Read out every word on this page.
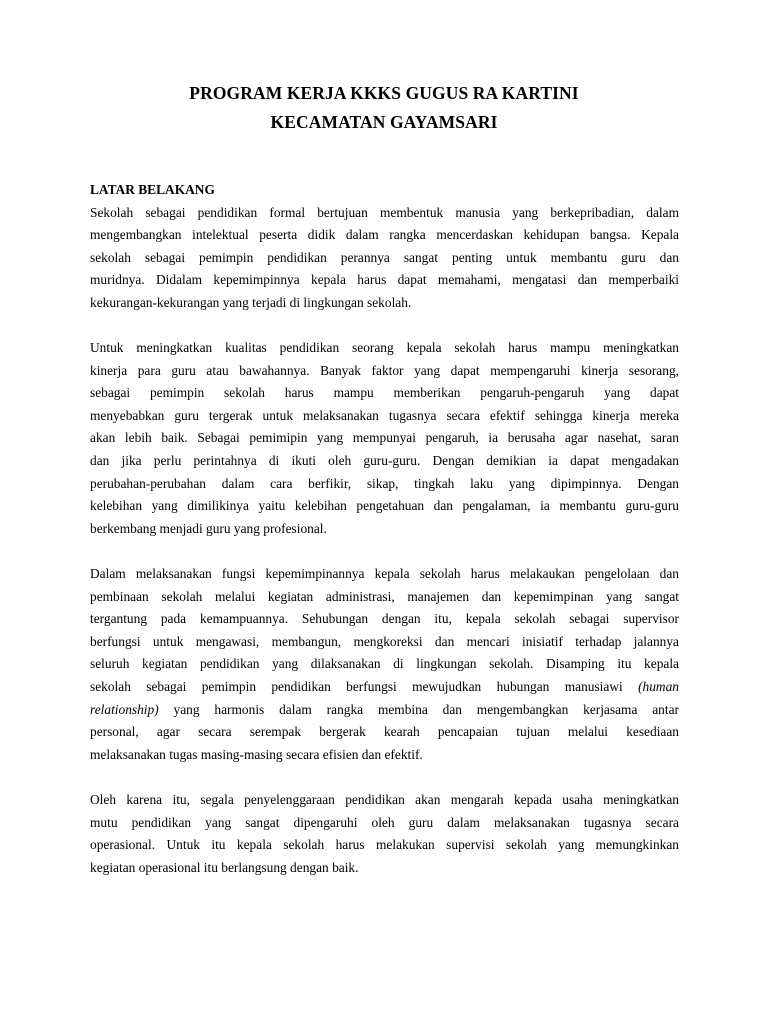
PROGRAM KERJA KKKS GUGUS RA KARTINI
KECAMATAN GAYAMSARI
LATAR BELAKANG
Sekolah sebagai pendidikan formal bertujuan membentuk manusia yang berkepribadian, dalam
mengembangkan intelektual peserta didik dalam rangka mencerdaskan kehidupan bangsa. Kepala
sekolah sebagai pemimpin pendidikan perannya sangat penting untuk membantu guru dan
muridnya. Didalam kepemimpinnya kepala harus dapat memahami, mengatasi dan memperbaiki
kekurangan-kekurangan yang terjadi di lingkungan sekolah.
Untuk meningkatkan kualitas pendidikan seorang kepala sekolah harus mampu meningkatkan
kinerja para guru atau bawahannya. Banyak faktor yang dapat mempengaruhi kinerja sesorang,
sebagai pemimpin sekolah harus mampu memberikan pengaruh-pengaruh yang dapat
menyebabkan guru tergerak untuk melaksanakan tugasnya secara efektif sehingga kinerja mereka
akan lebih baik. Sebagai pemimipin yang mempunyai pengaruh, ia berusaha agar nasehat, saran
dan jika perlu perintahnya di ikuti oleh guru-guru. Dengan demikian ia dapat mengadakan
perubahan-perubahan dalam cara berfikir, sikap, tingkah laku yang dipimpinnya. Dengan
kelebihan yang dimilikinya yaitu kelebihan pengetahuan dan pengalaman, ia membantu guru-guru
berkembang menjadi guru yang profesional.
Dalam melaksanakan fungsi kepemimpinannya kepala sekolah harus melakaukan pengelolaan dan
pembinaan sekolah melalui kegiatan administrasi, manajemen dan kepemimpinan yang sangat
tergantung pada kemampuannya. Sehubungan dengan itu, kepala sekolah sebagai supervisor
berfungsi untuk mengawasi, membangun, mengkoreksi dan mencari inisiatif terhadap jalannya
seluruh kegiatan pendidikan yang dilaksanakan di lingkungan sekolah. Disamping itu kepala
sekolah sebagai pemimpin pendidikan berfungsi mewujudkan hubungan manusiawi (human
relationship) yang harmonis dalam rangka membina dan mengembangkan kerjasama antar
personal, agar secara serempak bergerak kearah pencapaian tujuan melalui kesediaan
melaksanakan tugas masing-masing secara efisien dan efektif.
Oleh karena itu, segala penyelenggaraan pendidikan akan mengarah kepada usaha meningkatkan
mutu pendidikan yang sangat dipengaruhi oleh guru dalam melaksanakan tugasnya secara
operasional. Untuk itu kepala sekolah harus melakukan supervisi sekolah yang memungkinkan
kegiatan operasional itu berlangsung dengan baik.
